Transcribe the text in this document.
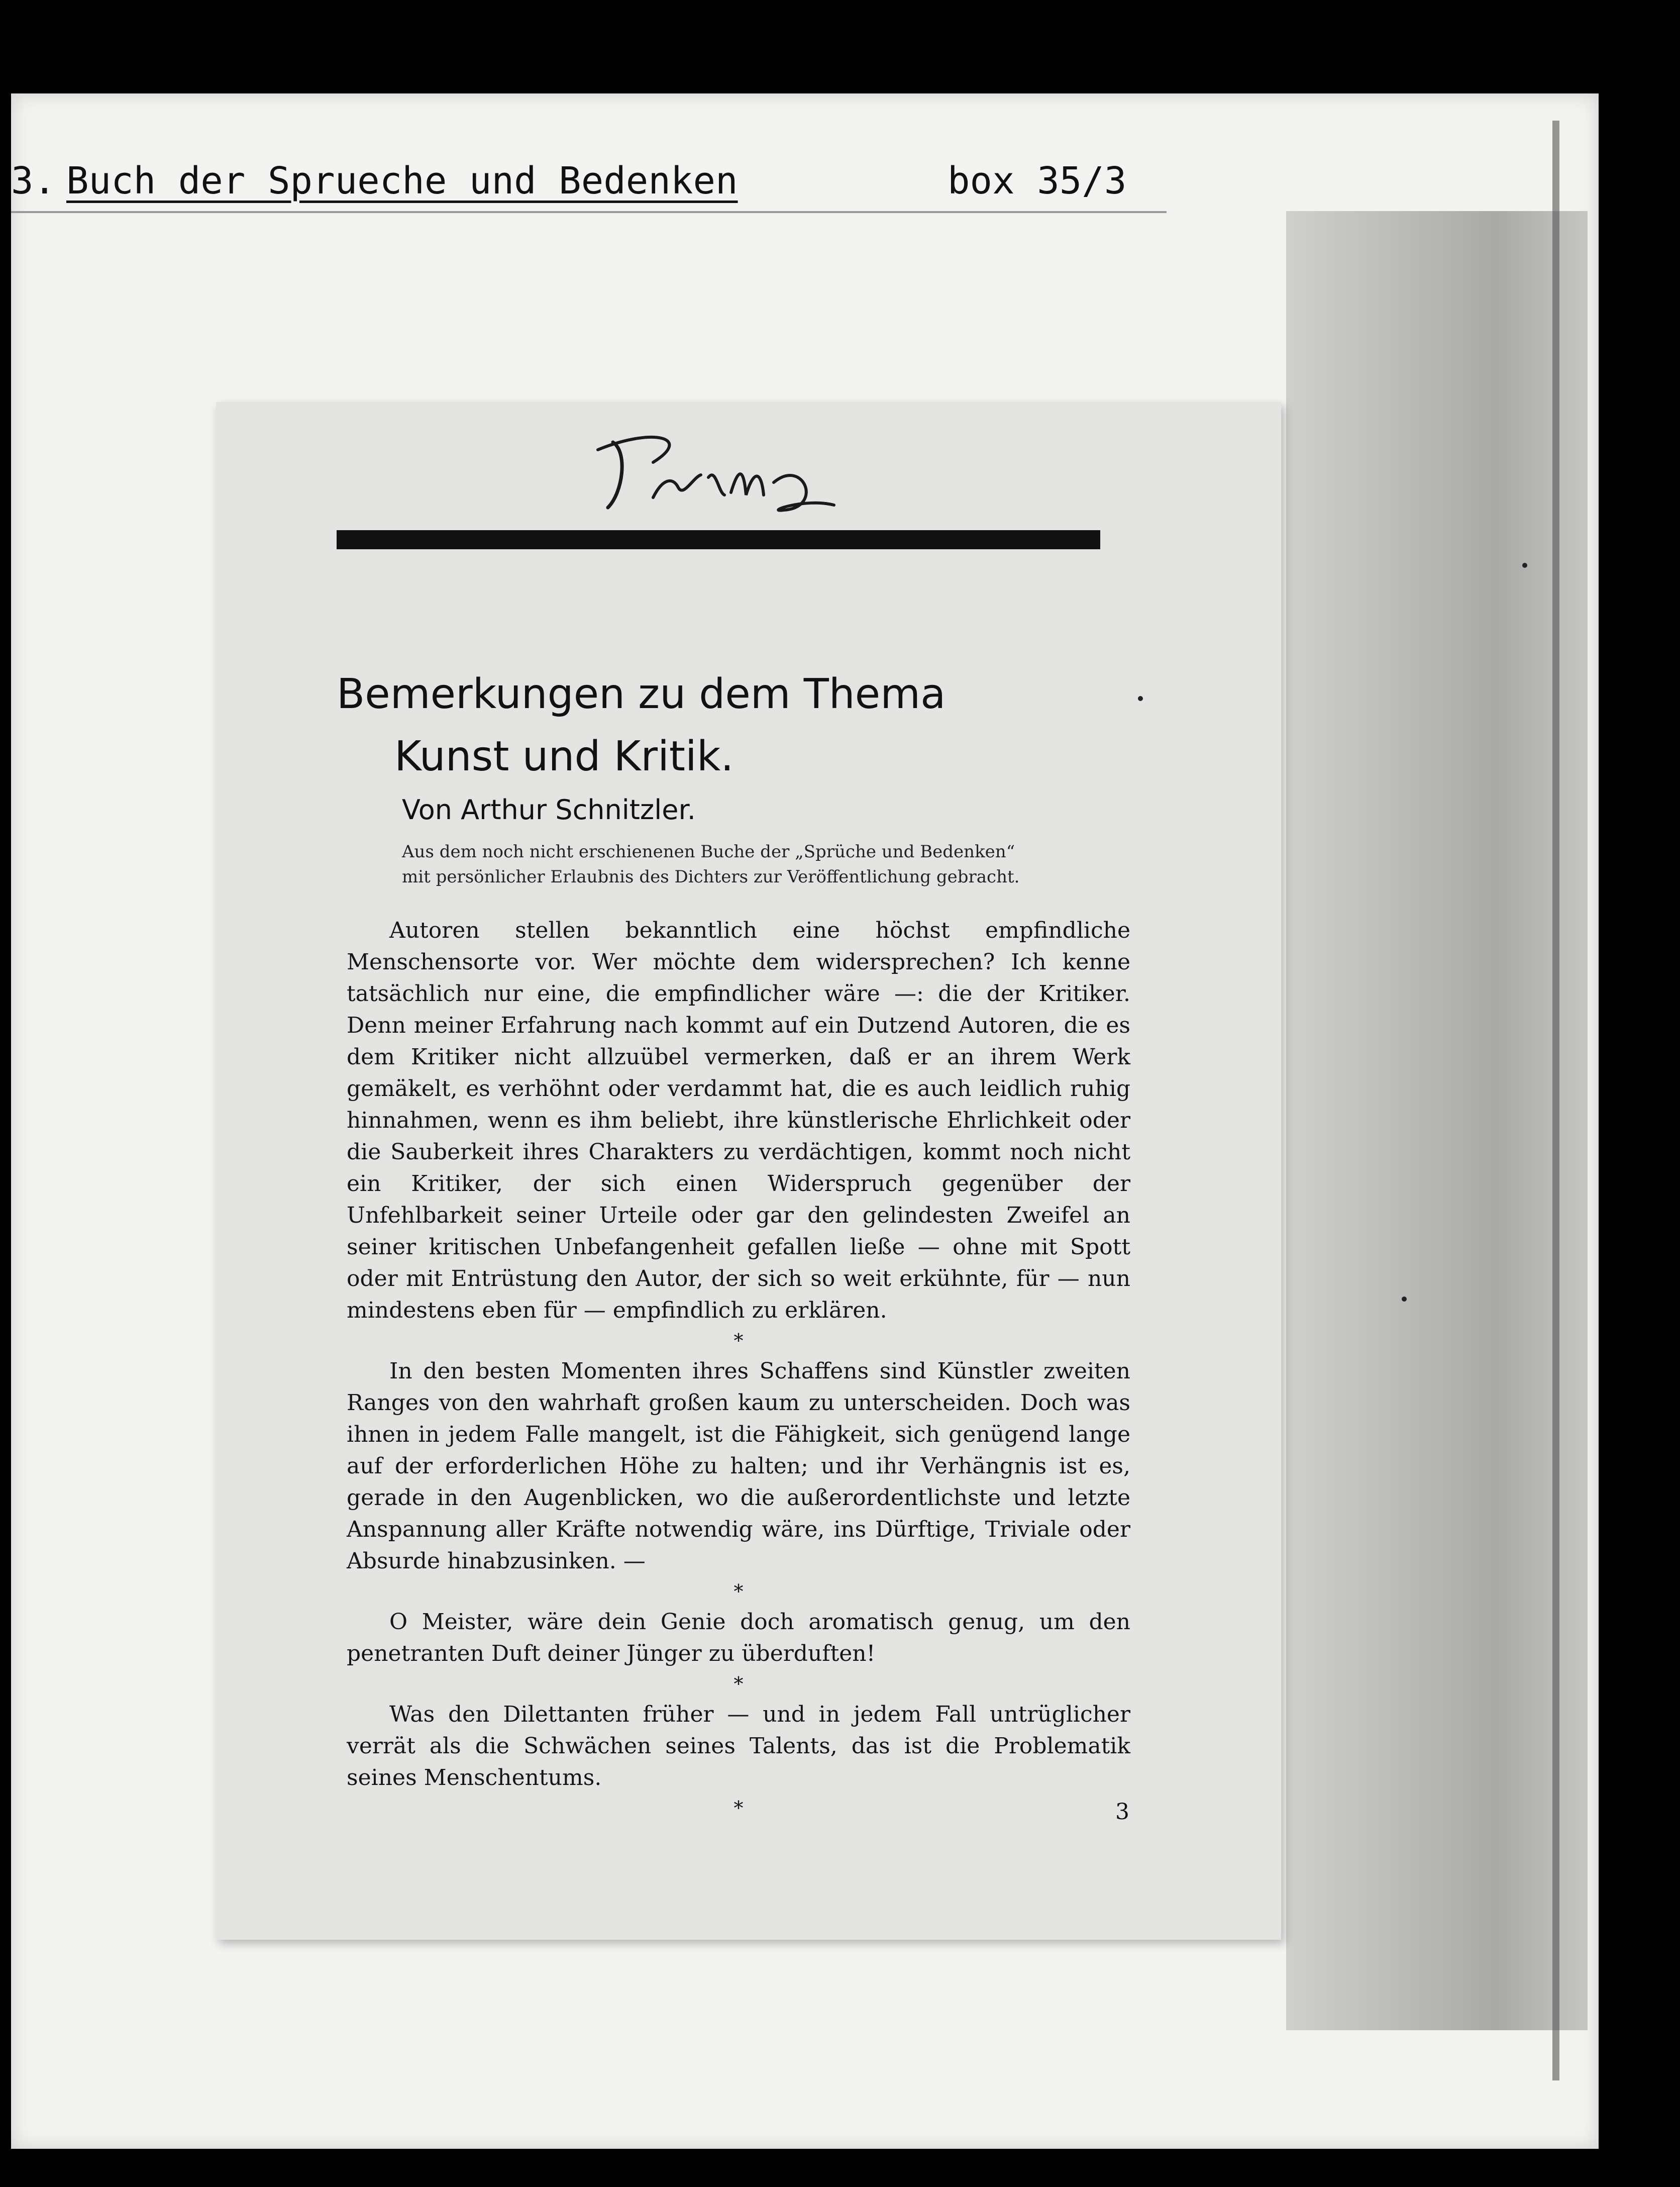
3. Buch der Sprueche und Bedenken	box 35/3
Bemerkungen zu dem Thema
Kunst und Kritik.

Von Arthur Schnitzler.

Aus dem noch nicht erschienenen Buche der „Sprüche und Bedenken“
mit persönlicher Erlaubnis des Dichters zur Veröffentlichung gebracht.

Autoren stellen bekanntlich eine höchst empfindliche Menschensorte vor. Wer möchte dem widersprechen? Ich kenne tatsächlich nur eine, die empfindlicher wäre —: die der Kritiker. Denn meiner Erfahrung nach kommt auf ein Dutzend Autoren, die es dem Kritiker nicht allzuübel vermerken, daß er an ihrem Werk gemäkelt, es verhöhnt oder verdammt hat, die es auch leidlich ruhig hinnahmen, wenn es ihm beliebt, ihre künstlerische Ehrlichkeit oder die Sauberkeit ihres Charakters zu verdächtigen, kommt noch nicht ein Kritiker, der sich einen Widerspruch gegenüber der Unfehlbarkeit seiner Urteile oder gar den gelindesten Zweifel an seiner kritischen Unbefangenheit gefallen ließe — ohne mit Spott oder mit Entrüstung den Autor, der sich so weit erkühnte, für — nun mindestens eben für — empfindlich zu erklären.

*

In den besten Momenten ihres Schaffens sind Künstler zweiten Ranges von den wahrhaft großen kaum zu unterscheiden. Doch was ihnen in jedem Falle mangelt, ist die Fähigkeit, sich genügend lange auf der erforderlichen Höhe zu halten; und ihr Verhängnis ist es, gerade in den Augenblicken, wo die außerordentlichste und letzte Anspannung aller Kräfte notwendig wäre, ins Dürftige, Triviale oder Absurde hinabzusinken. —

*

O Meister, wäre dein Genie doch aromatisch genug, um den penetranten Duft deiner Jünger zu überduften!

*

Was den Dilettanten früher — und in jedem Fall untrüglicher verrät als die Schwächen seines Talents, das ist die Problematik seines Menschentums.

*	3
